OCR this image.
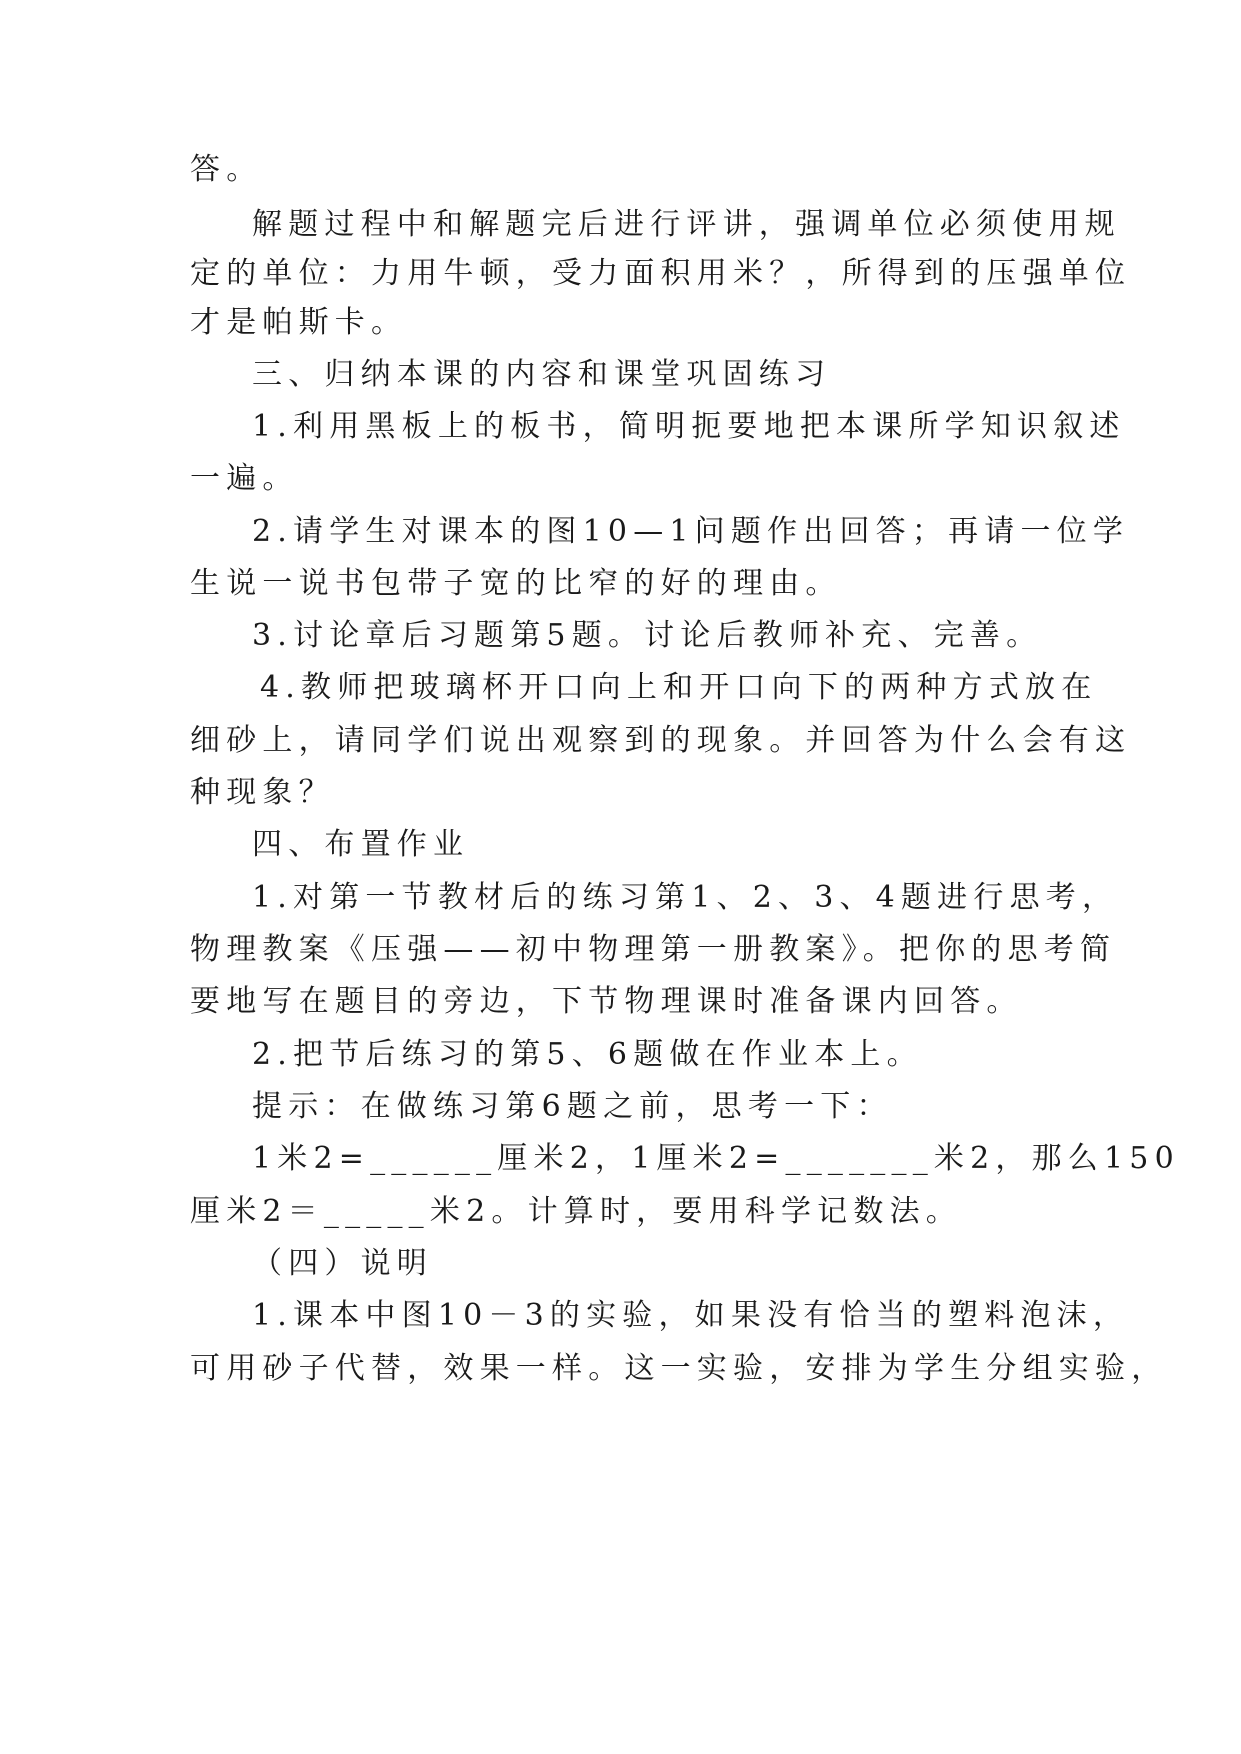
答。
解题过程中和解题完后进行评讲，强调单位必须使用规
定的单位：力用牛顿，受力面积用米？，所得到的压强单位
才是帕斯卡。
三、归纳本课的内容和课堂巩固练习
1.利用黑板上的板书，简明扼要地把本课所学知识叙述
一遍。
2.请学生对课本的图10—1问题作出回答；再请一位学
生说一说书包带子宽的比窄的好的理由。
3.讨论章后习题第5题。讨论后教师补充、完善。
4.教师把玻璃杯开口向上和开口向下的两种方式放在
细砂上，请同学们说出观察到的现象。并回答为什么会有这
种现象？
四、布置作业
1.对第一节教材后的练习第1、2、3、4题进行思考，
物理教案《压强——初中物理第一册教案》。把你的思考简
要地写在题目的旁边，下节物理课时准备课内回答。
2.把节后练习的第5、6题做在作业本上。
提示：在做练习第6题之前，思考一下：
1米2=______厘米2，1厘米2=_______米2，那么150
厘米2＝_____米2。计算时，要用科学记数法。
（四）说明
1.课本中图10－3的实验，如果没有恰当的塑料泡沫，
可用砂子代替，效果一样。这一实验，安排为学生分组实验，
